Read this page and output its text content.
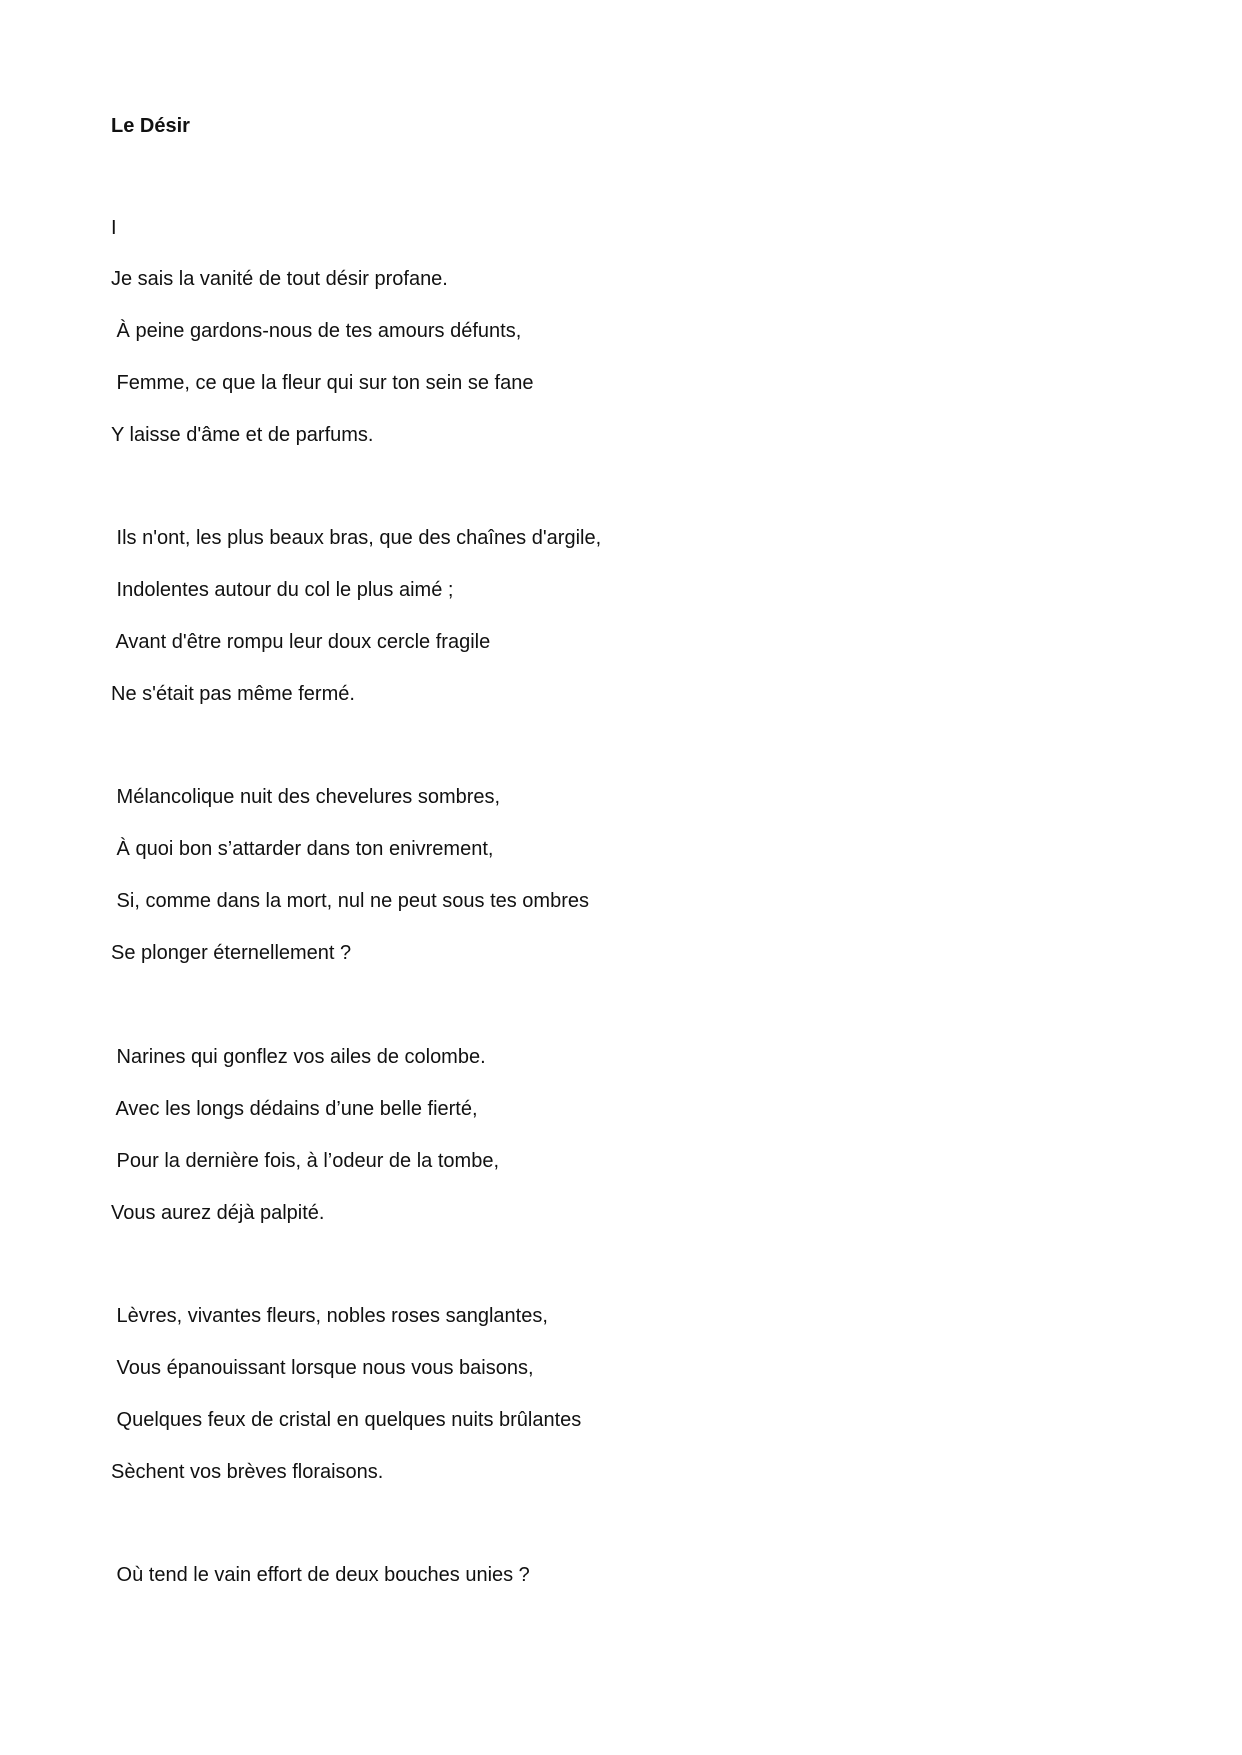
Le Désir
I
Je sais la vanité de tout désir profane.
À peine gardons-nous de tes amours défunts,
Femme, ce que la fleur qui sur ton sein se fane
Y laisse d'âme et de parfums.
Ils n'ont, les plus beaux bras, que des chaînes d'argile,
Indolentes autour du col le plus aimé ;
Avant d'être rompu leur doux cercle fragile
Ne s'était pas même fermé.
Mélancolique nuit des chevelures sombres,
À quoi bon s’attarder dans ton enivrement,
Si, comme dans la mort, nul ne peut sous tes ombres
Se plonger éternellement ?
Narines qui gonflez vos ailes de colombe.
Avec les longs dédains d’une belle fierté,
Pour la dernière fois, à l’odeur de la tombe,
Vous aurez déjà palpité.
Lèvres, vivantes fleurs, nobles roses sanglantes,
Vous épanouissant lorsque nous vous baisons,
Quelques feux de cristal en quelques nuits brûlantes
Sèchent vos brèves floraisons.
Où tend le vain effort de deux bouches unies ?
